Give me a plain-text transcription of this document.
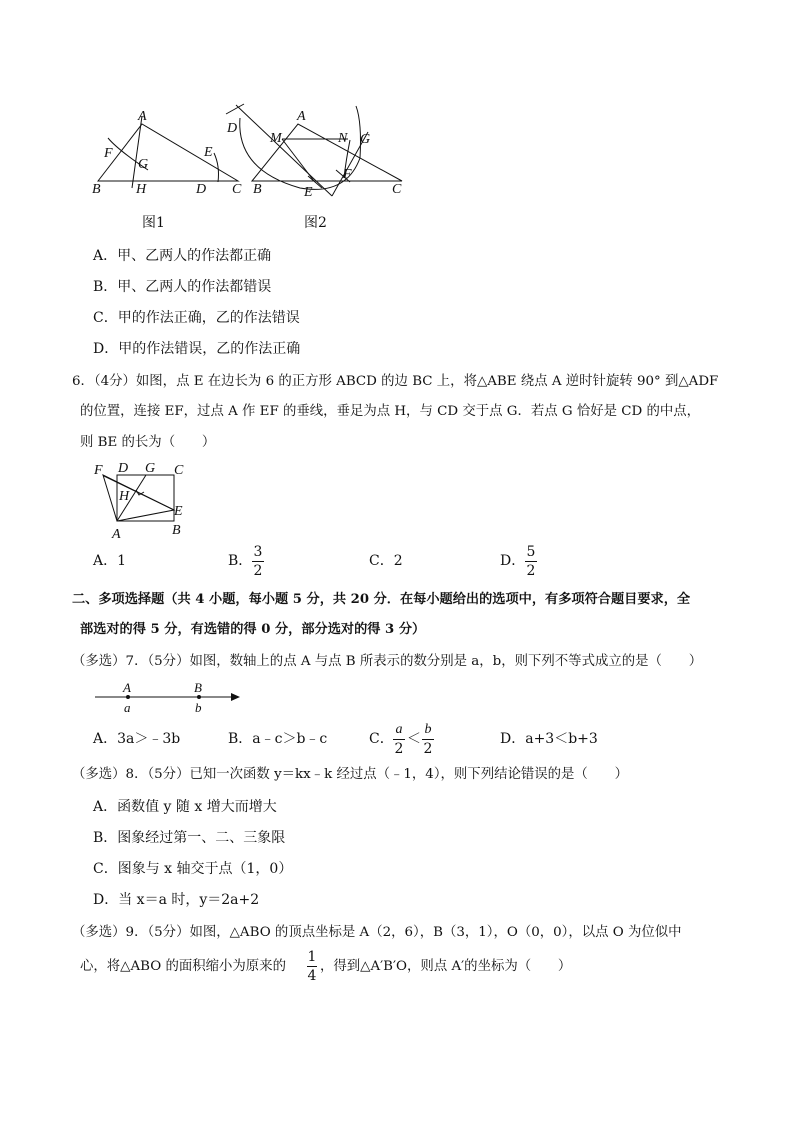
A
F
G
E
B	H	D C
图1
D
A
M	N G
F
B	E	C
图2
A．甲、乙两人的作法都正确
B．甲、乙两人的作法都错误
C．甲的作法正确，乙的作法错误
D．甲的作法错误，乙的作法正确
6．（4分）如图，点 E 在边长为 6 的正方形 ABCD 的边 BC 上，将△ABE 绕点 A 逆时针旋转 90° 到△ADF
的位置，连接 EF，过点 A 作 EF 的垂线，垂足为点 H，与 CD 交于点 G．若点 G 恰好是 CD 的中点，
则 BE 的长为（　　）
F D G C
H
E
A	B
A．1	B．
3
2
C．2	D．
5
2
二、多项选择题（共 4 小题，每小题 5 分，共 20 分．在每小题给出的选项中，有多项符合题目要求，全
部选对的得 5 分，有选错的得 0 分，部分选对的得 3 分）
（多选）7．（5分）如图，数轴上的点 A 与点 B 所表示的数分别是 a，b，则下列不等式成立的是（　　）
A	B
a	b
A．3a＞﹣3b	B．a﹣c＞b﹣c	C．
a
2
＜
b
2
D．a+3＜b+3
（多选）8．（5分）已知一次函数 y＝kx﹣k 经过点（﹣1，4），则下列结论错误的是（　　）
A．函数值 y 随 x 增大而增大
B．图象经过第一、二、三象限
C．图象与 x 轴交于点（1，0）
D．当 x＝a 时，y＝2a+2
（多选）9．（5分）如图，△ABO 的顶点坐标是 A（2，6），B（3，1），O（0，0），以点 O 为位似中
心，将△ABO 的面积缩小为原来的
1
4
，得到△A′B′O，则点 A′的坐标为（　　）
